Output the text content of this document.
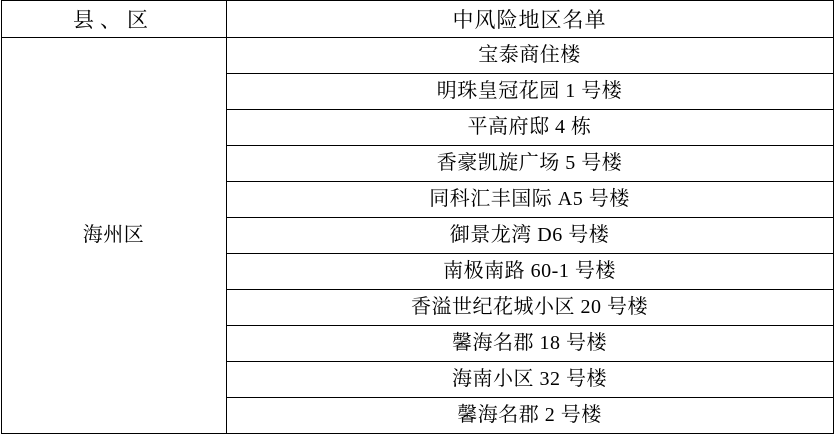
县、区	中风险地区名单
海州区	宝泰商住楼
	明珠皇冠花园 1 号楼
	平高府邸 4 栋
	香豪凯旋广场 5 号楼
	同科汇丰国际 A5 号楼
	御景龙湾 D6 号楼
	南极南路 60-1 号楼
	香溢世纪花城小区 20 号楼
	馨海名郡 18 号楼
	海南小区 32 号楼
	馨海名郡 2 号楼
